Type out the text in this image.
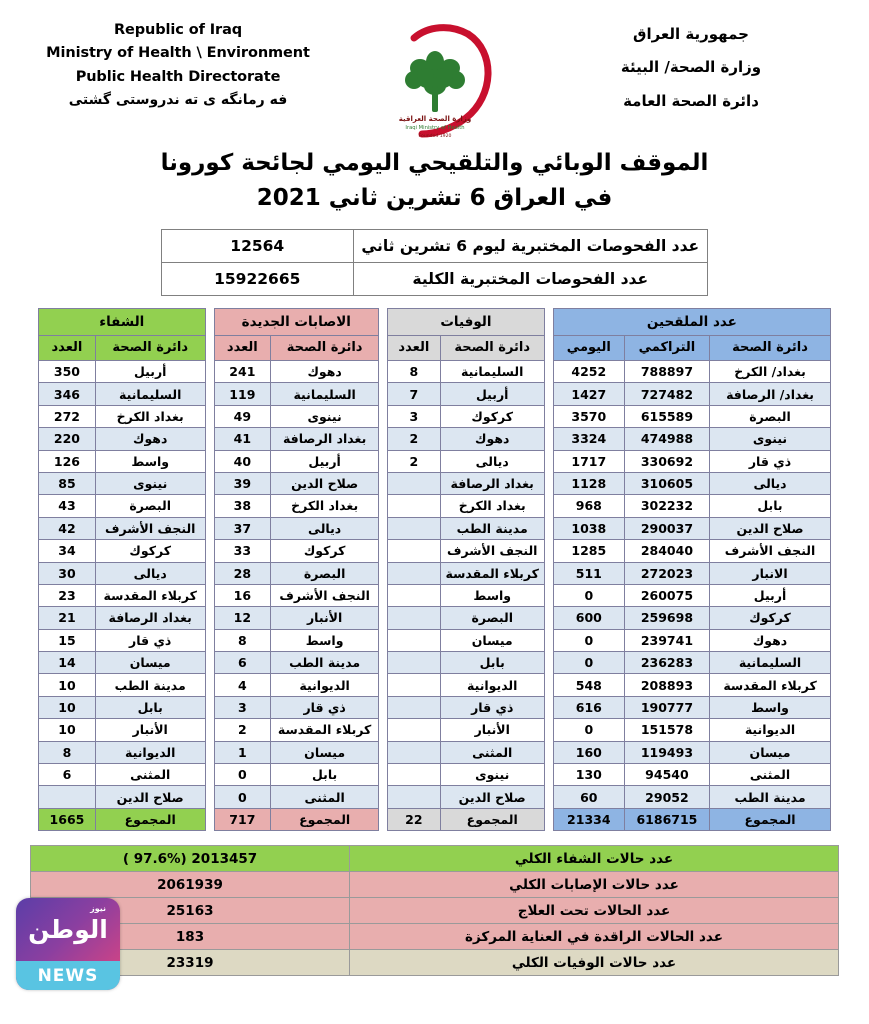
جمهورية العراق
وزارة الصحة/ البيئة
دائرة الصحة العامة
وزارة الصحة العراقية
Iraqi Ministry of Health
Founded 1920
Republic of Iraq
Ministry of Health \ Environment
Public Health Directorate
فه رمانگه ی ته ندروستی گشتی
الموقف الوبائي والتلقيحي اليومي لجائحة كورونا
في العراق 6 تشرين ثاني 2021
عدد الفحوصات المختبرية ليوم 6 تشرين ثاني	12564
عدد الفحوصات المختبرية الكلية	15922665
الشفاء	
دائرة الصحة	العدد
أربيل	350
السليمانية	346
بغداد الكرخ	272
دهوك	220
واسط	126
نينوى	85
البصرة	43
النجف الأشرف	42
كركوك	34
ديالى	30
كربلاء المقدسة	23
بغداد الرصافة	21
ذي قار	15
ميسان	14
مدينة الطب	10
بابل	10
الأنبار	10
الديوانية	8
المثنى	6
صلاح الدين	
المجموع	1665
الاصابات الجديدة	
دائرة الصحة	العدد
دهوك	241
السليمانية	119
نينوى	49
بغداد الرصافة	41
أربيل	40
صلاح الدين	39
بغداد الكرخ	38
ديالى	37
كركوك	33
البصرة	28
النجف الأشرف	16
الأنبار	12
واسط	8
مدينة الطب	6
الديوانية	4
ذي قار	3
كربلاء المقدسة	2
ميسان	1
بابل	0
المثنى	0
المجموع	717
الوفيات	
دائرة الصحة	العدد
السليمانية	8
أربيل	7
كركوك	3
دهوك	2
ديالى	2
بغداد الرصافة	
بغداد الكرخ	
مدينة الطب	
النجف الأشرف	
كربلاء المقدسة	
واسط	
البصرة	
ميسان	
بابل	
الديوانية	
ذي قار	
الأنبار	
المثنى	
نينوى	
صلاح الدين	
المجموع	22
عدد الملقحين		
دائرة الصحة	التراكمي	اليومي
بغداد/ الكرخ	788897	4252
بغداد/ الرصافة	727482	1427
البصرة	615589	3570
نينوى	474988	3324
ذي قار	330692	1717
ديالى	310605	1128
بابل	302232	968
صلاح الدين	290037	1038
النجف الأشرف	284040	1285
الانبار	272023	511
أربيل	260075	0
كركوك	259698	600
دهوك	239741	0
السليمانية	236283	0
كربلاء المقدسة	208893	548
واسط	190777	616
الديوانية	151578	0
ميسان	119493	160
المثنى	94540	130
مدينة الطب	29052	60
المجموع	6186715	21334
عدد حالات الشفاء الكلي	2013457 (97.6% )
عدد حالات الإصابات الكلي	2061939
عدد الحالات تحت العلاج	25163
عدد الحالات الراقدة في العناية المركزة	183
عدد حالات الوفيات الكلي	23319
نيوز
الوطن
NEWS
